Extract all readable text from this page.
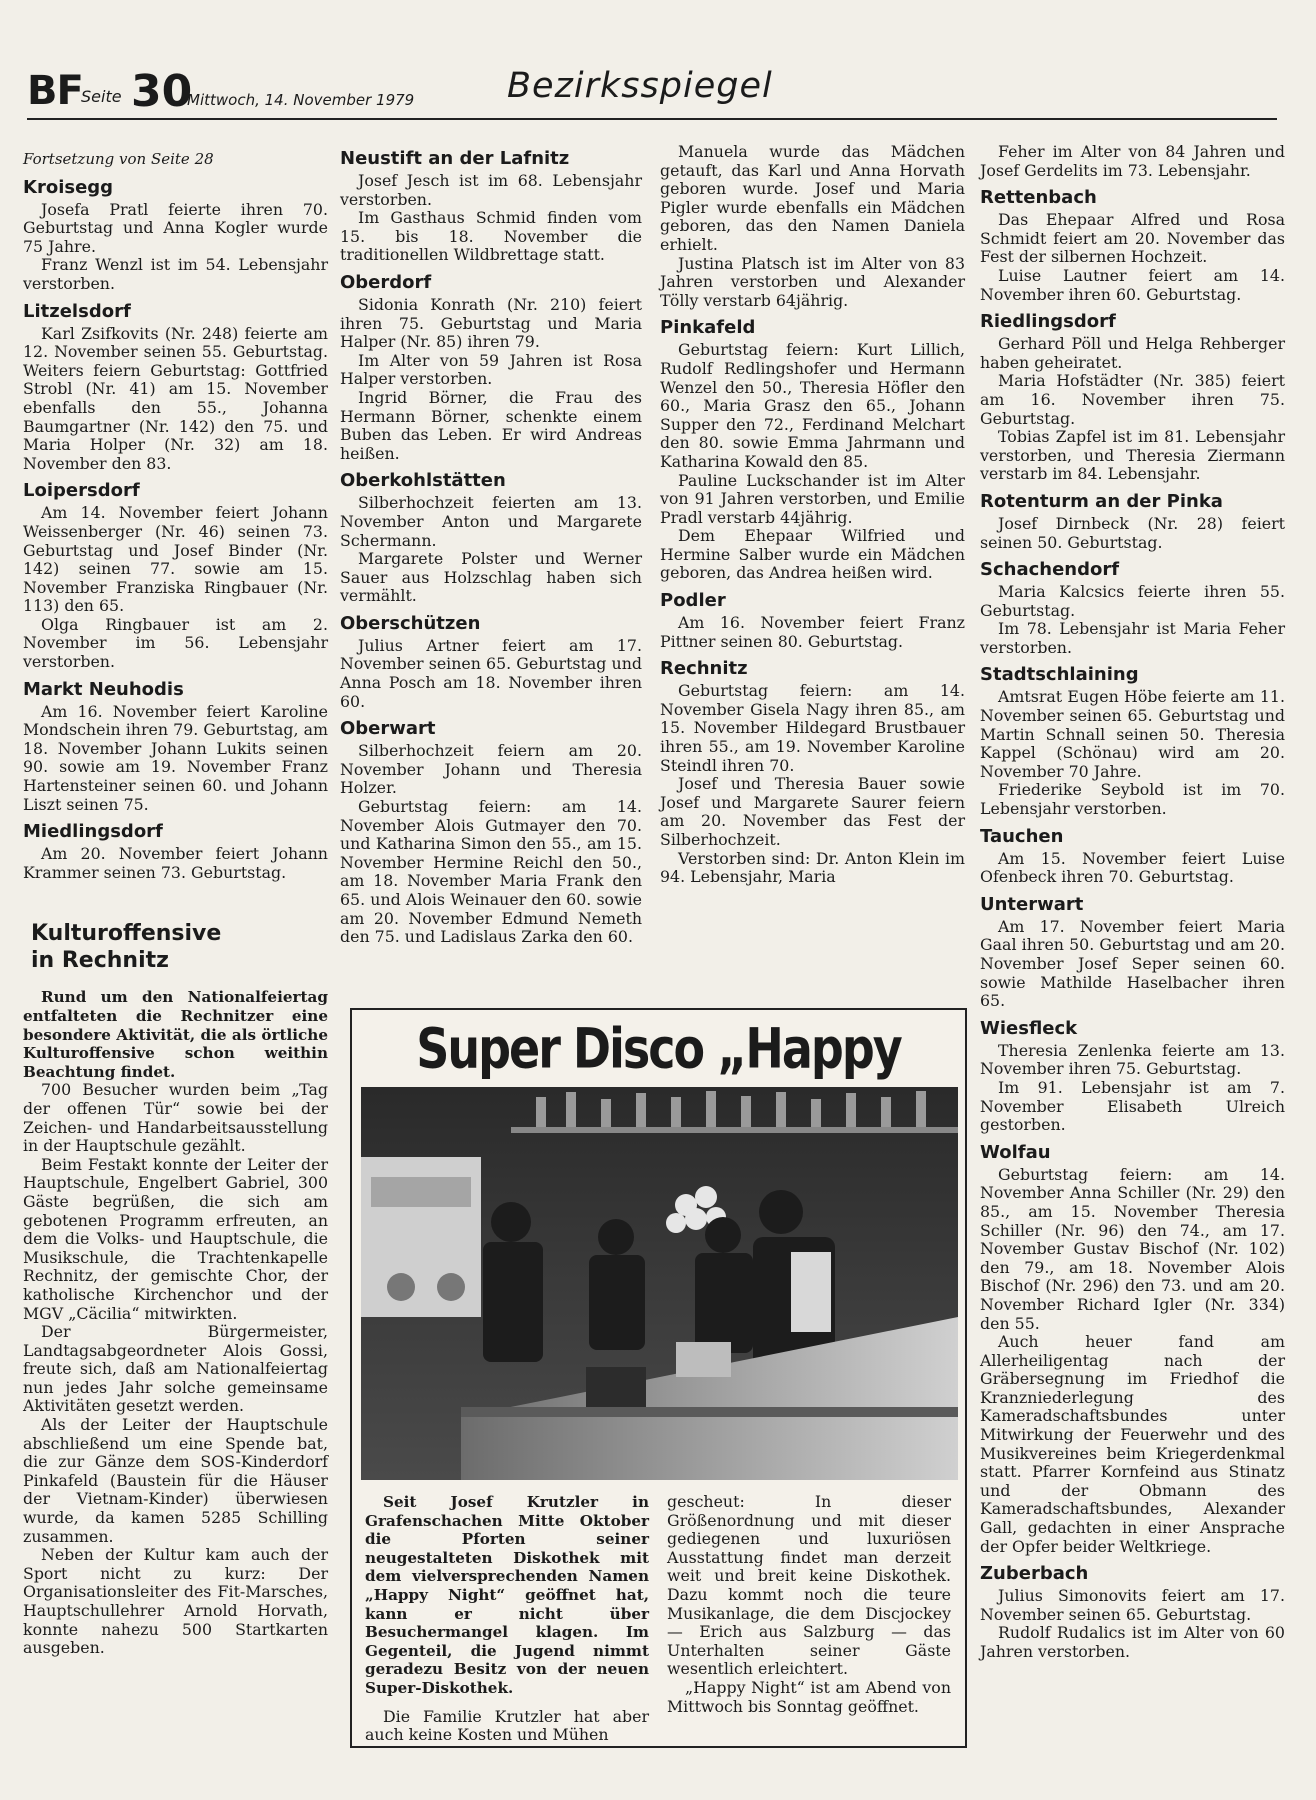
BF
Seite 30
Mittwoch, 14. November 1979	Bezirksspiegel
Fortsetzung von Seite 28
Kroisegg

Josefa Pratl feierte ihren 70. Geburtstag und Anna Kogler wurde 75 Jahre.

Franz Wenzl ist im 54. Lebensjahr verstorben.

Litzelsdorf

Karl Zsifkovits (Nr. 248) feierte am 12. November seinen 55. Geburtstag. Weiters feiern Geburtstag: Gottfried Strobl (Nr. 41) am 15. November ebenfalls den 55., Johanna Baumgartner (Nr. 142) den 75. und Maria Holper (Nr. 32) am 18. November den 83.

Loipersdorf

Am 14. November feiert Johann Weissenberger (Nr. 46) seinen 73. Geburtstag und Josef Binder (Nr. 142) seinen 77. sowie am 15. November Franziska Ringbauer (Nr. 113) den 65.

Olga Ringbauer ist am 2. November im 56. Lebensjahr verstorben.

Markt Neuhodis

Am 16. November feiert Karoline Mondschein ihren 79. Geburtstag, am 18. November Johann Lukits seinen 90. sowie am 19. November Franz Hartensteiner seinen 60. und Johann Liszt seinen 75.

Miedlingsdorf

Am 20. November feiert Johann Krammer seinen 73. Geburtstag.

Kulturoffensive in Rechnitz

Rund um den Nationalfeiertag entfalteten die Rechnitzer eine besondere Aktivität, die als örtliche Kulturoffensive schon weithin Beachtung findet.

700 Besucher wurden beim „Tag der offenen Tür“ sowie bei der Zeichen- und Handarbeitsausstellung in der Hauptschule gezählt.

Beim Festakt konnte der Leiter der Hauptschule, Engelbert Gabriel, 300 Gäste begrüßen, die sich am gebotenen Programm erfreuten, an dem die Volks- und Hauptschule, die Musikschule, die Trachtenkapelle Rechnitz, der gemischte Chor, der katholische Kirchenchor und der MGV „Cäcilia“ mitwirkten.

Der Bürgermeister, Landtagsabgeordneter Alois Gossi, freute sich, daß am Nationalfeiertag nun jedes Jahr solche gemeinsame Aktivitäten gesetzt werden.

Als der Leiter der Hauptschule abschließend um eine Spende bat, die zur Gänze dem SOS-Kinderdorf Pinkafeld (Baustein für die Häuser der Vietnam-Kinder) überwiesen wurde, da kamen 5285 Schilling zusammen.

Neben der Kultur kam auch der Sport nicht zu kurz: Der Organisationsleiter des Fit-Marsches, Hauptschullehrer Arnold Horvath, konnte nahezu 500 Startkarten ausgeben.

Neustift an der Lafnitz

Josef Jesch ist im 68. Lebensjahr verstorben.

Im Gasthaus Schmid finden vom 15. bis 18. November die traditionellen Wildbrettage statt.

Oberdorf

Sidonia Konrath (Nr. 210) feiert ihren 75. Geburtstag und Maria Halper (Nr. 85) ihren 79.

Im Alter von 59 Jahren ist Rosa Halper verstorben.

Ingrid Börner, die Frau des Hermann Börner, schenkte einem Buben das Leben. Er wird Andreas heißen.

Oberkohlstätten

Silberhochzeit feierten am 13. November Anton und Margarete Schermann.

Margarete Polster und Werner Sauer aus Holzschlag haben sich vermählt.

Oberschützen

Julius Artner feiert am 17. November seinen 65. Geburtstag und Anna Posch am 18. November ihren 60.

Oberwart

Silberhochzeit feiern am 20. November Johann und Theresia Holzer.

Geburtstag feiern: am 14. November Alois Gutmayer den 70. und Katharina Simon den 55., am 15. November Hermine Reichl den 50., am 18. November Maria Frank den 65. und Alois Weinauer den 60. sowie am 20. November Edmund Nemeth den 75. und Ladislaus Zarka den 60.

Manuela wurde das Mädchen getauft, das Karl und Anna Horvath geboren wurde. Josef und Maria Pigler wurde ebenfalls ein Mädchen geboren, das den Namen Daniela erhielt.

Justina Platsch ist im Alter von 83 Jahren verstorben und Alexander Tölly verstarb 64jährig.

Pinkafeld

Geburtstag feiern: Kurt Lillich, Rudolf Redlingshofer und Hermann Wenzel den 50., Theresia Höfler den 60., Maria Grasz den 65., Johann Supper den 72., Ferdinand Melchart den 80. sowie Emma Jahrmann und Katharina Kowald den 85.

Pauline Luckschander ist im Alter von 91 Jahren verstorben, und Emilie Pradl verstarb 44jährig.

Dem Ehepaar Wilfried und Hermine Salber wurde ein Mädchen geboren, das Andrea heißen wird.

Podler

Am 16. November feiert Franz Pittner seinen 80. Geburtstag.

Rechnitz

Geburtstag feiern: am 14. November Gisela Nagy ihren 85., am 15. November Hildegard Brustbauer ihren 55., am 19. November Karoline Steindl ihren 70.

Josef und Theresia Bauer sowie Josef und Margarete Saurer feiern am 20. November das Fest der Silberhochzeit.

Verstorben sind: Dr. Anton Klein im 94. Lebensjahr, Maria

Feher im Alter von 84 Jahren und Josef Gerdelits im 73. Lebensjahr.

Rettenbach

Das Ehepaar Alfred und Rosa Schmidt feiert am 20. November das Fest der silbernen Hochzeit.

Luise Lautner feiert am 14. November ihren 60. Geburtstag.

Riedlingsdorf

Gerhard Pöll und Helga Rehberger haben geheiratet.

Maria Hofstädter (Nr. 385) feiert am 16. November ihren 75. Geburtstag.

Tobias Zapfel ist im 81. Lebensjahr verstorben, und Theresia Ziermann verstarb im 84. Lebensjahr.

Rotenturm an der Pinka

Josef Dirnbeck (Nr. 28) feiert seinen 50. Geburtstag.

Schachendorf

Maria Kalcsics feierte ihren 55. Geburtstag.

Im 78. Lebensjahr ist Maria Feher verstorben.

Stadtschlaining

Amtsrat Eugen Höbe feierte am 11. November seinen 65. Geburtstag und Martin Schnall seinen 50. Theresia Kappel (Schönau) wird am 20. November 70 Jahre.

Friederike Seybold ist im 70. Lebensjahr verstorben.

Tauchen

Am 15. November feiert Luise Ofenbeck ihren 70. Geburtstag.

Unterwart

Am 17. November feiert Maria Gaal ihren 50. Geburtstag und am 20. November Josef Seper seinen 60. sowie Mathilde Haselbacher ihren 65.

Wiesfleck

Theresia Zenlenka feierte am 13. November ihren 75. Geburtstag.

Im 91. Lebensjahr ist am 7. November Elisabeth Ulreich gestorben.

Wolfau

Geburtstag feiern: am 14. November Anna Schiller (Nr. 29) den 85., am 15. November Theresia Schiller (Nr. 96) den 74., am 17. November Gustav Bischof (Nr. 102) den 79., am 18. November Alois Bischof (Nr. 296) den 73. und am 20. November Richard Igler (Nr. 334) den 55.

Auch heuer fand am Allerheiligentag nach der Gräbersegnung im Friedhof die Kranzniederlegung des Kameradschaftsbundes unter Mitwirkung der Feuerwehr und des Musikvereines beim Kriegerdenkmal statt. Pfarrer Kornfeind aus Stinatz und der Obmann des Kameradschaftsbundes, Alexander Gall, gedachten in einer Ansprache der Opfer beider Weltkriege.

Zuberbach

Julius Simonovits feiert am 17. November seinen 65. Geburtstag.

Rudolf Rudalics ist im Alter von 60 Jahren verstorben.

Super Disco „Happy

Seit Josef Krutzler in Grafenschachen Mitte Oktober die Pforten seiner neugestalteten Diskothek mit dem vielversprechenden Namen „Happy Night“ geöffnet hat, kann er nicht über Besuchermangel klagen. Im Gegenteil, die Jugend nimmt geradezu Besitz von der neuen Super-Diskothek.

Die Familie Krutzler hat aber auch keine Kosten und Mühen

gescheut: In dieser Größenordnung und mit dieser gediegenen und luxuriösen Ausstattung findet man derzeit weit und breit keine Diskothek. Dazu kommt noch die teure Musikanlage, die dem Discjockey — Erich aus Salzburg — das Unterhalten seiner Gäste wesentlich erleichtert.

„Happy Night“ ist am Abend von Mittwoch bis Sonntag geöffnet.
